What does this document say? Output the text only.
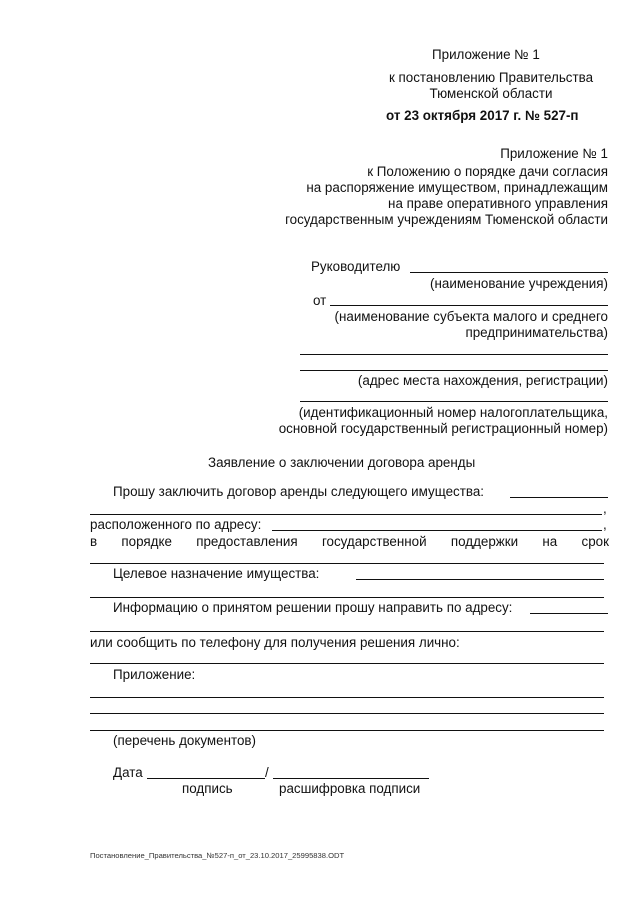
Приложение № 1
к постановлению Правительства
Тюменской области
от 23 октября 2017 г. № 527-п
Приложение № 1
к Положению о порядке дачи согласия
на распоряжение имуществом, принадлежащим
на праве оперативного управления
государственным учреждениям Тюменской области
Руководителю
(наименование учреждения)
от
(наименование субъекта малого и среднего
предпринимательства)
(адрес места нахождения, регистрации)
(идентификационный номер налогоплательщика,
основной государственный регистрационный номер)
Заявление о заключении договора аренды
Прошу заключить договор аренды следующего имущества:
,
расположенного по адресу:	,
в порядке предоставления государственной поддержки на срок
Целевое назначение имущества:
Информацию о принятом решении прошу направить по адресу:
или сообщить по телефону для получения решения лично:
Приложение:
(перечень документов)
Дата	/
подпись	расшифровка подписи
Постановление_Правительства_№527-п_от_23.10.2017_25995838.ODT
